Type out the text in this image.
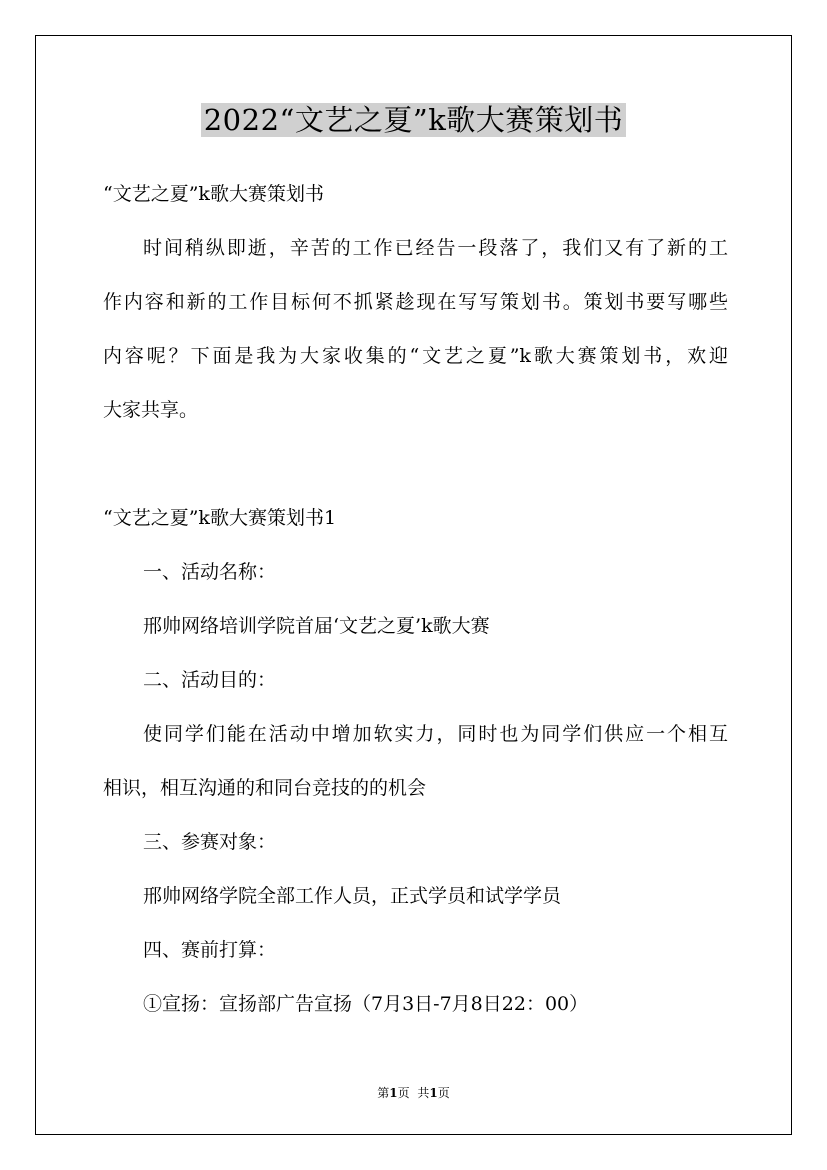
2022“文艺之夏”k歌大赛策划书
“文艺之夏”k歌大赛策划书
时间稍纵即逝，辛苦的工作已经告一段落了，我们又有了新的工
作内容和新的工作目标何不抓紧趁现在写写策划书。策划书要写哪些
内容呢？下面是我为大家收集的“文艺之夏”k歌大赛策划书，欢迎
大家共享。
“文艺之夏”k歌大赛策划书1
一、活动名称：
邢帅网络培训学院首届‘文艺之夏’k歌大赛
二、活动目的：
使同学们能在活动中增加软实力，同时也为同学们供应一个相互
相识，相互沟通的和同台竞技的的机会
三、参赛对象：
邢帅网络学院全部工作人员，正式学员和试学学员
四、赛前打算：
①宣扬：宣扬部广告宣扬（7月3日-7月8日22：00）
第1页 共1页
